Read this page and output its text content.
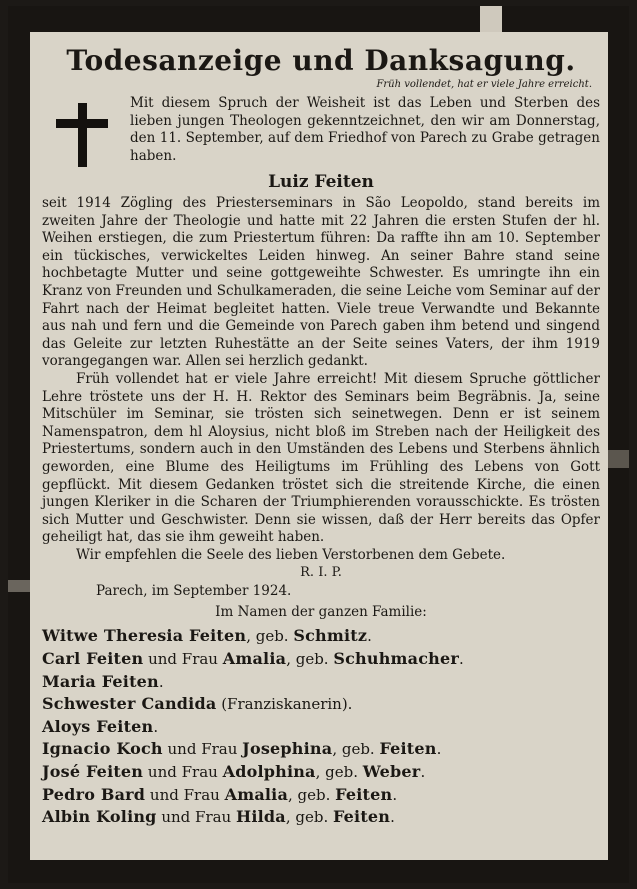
Todesanzeige und Danksagung.
Früh vollendet, hat er viele Jahre erreicht.
Mit diesem Spruch der Weisheit ist das Leben und Sterben des lieben jungen Theologen gekenntzeichnet, den wir am Donnerstag, den 11. September, auf dem Friedhof von Parech zu Grabe getragen haben.
Luiz Feiten

seit 1914 Zögling des Priesterseminars in São Leopoldo, stand bereits im zweiten Jahre der Theologie und hatte mit 22 Jahren die ersten Stufen der hl. Weihen erstiegen, die zum Priestertum führen: Da raffte ihn am 10. September ein tückisches, verwickeltes Leiden hinweg. An seiner Bahre stand seine hochbetagte Mutter und seine gottgeweihte Schwester. Es umringte ihn ein Kranz von Freunden und Schulkameraden, die seine Leiche vom Seminar auf der Fahrt nach der Heimat begleitet hatten. Viele treue Verwandte und Bekannte aus nah und fern und die Gemeinde von Parech gaben ihm betend und singend das Geleite zur letzten Ruhestätte an der Seite seines Vaters, der ihm 1919 vorangegangen war. Allen sei herzlich gedankt.

Früh vollendet hat er viele Jahre erreicht! Mit diesem Spruche göttlicher Lehre tröstete uns der H. H. Rektor des Seminars beim Begräbnis. Ja, seine Mitschüler im Seminar, sie trösten sich seinetwegen. Denn er ist seinem Namenspatron, dem hl Aloysius, nicht bloß im Streben nach der Heiligkeit des Priestertums, sondern auch in den Umständen des Lebens und Sterbens ähnlich geworden, eine Blume des Heiligtums im Frühling des Lebens von Gott gepflückt. Mit diesem Gedanken tröstet sich die streitende Kirche, die einen jungen Kleriker in die Scharen der Triumphierenden vorausschickte. Es trösten sich Mutter und Geschwister. Denn sie wissen, daß der Herr bereits das Opfer geheiligt hat, das sie ihm geweiht haben.

Wir empfehlen die Seele des lieben Verstorbenen dem Gebete.

R. I. P.
Parech, im September 1924.
Im Namen der ganzen Familie:
Witwe Theresia Feiten, geb. Schmitz.
Carl Feiten und Frau Amalia, geb. Schuhmacher.
Maria Feiten.
Schwester Candida (Franziskanerin).
Aloys Feiten.
Ignacio Koch und Frau Josephina, geb. Feiten.
José Feiten und Frau Adolphina, geb. Weber.
Pedro Bard und Frau Amalia, geb. Feiten.
Albin Koling und Frau Hilda, geb. Feiten.
